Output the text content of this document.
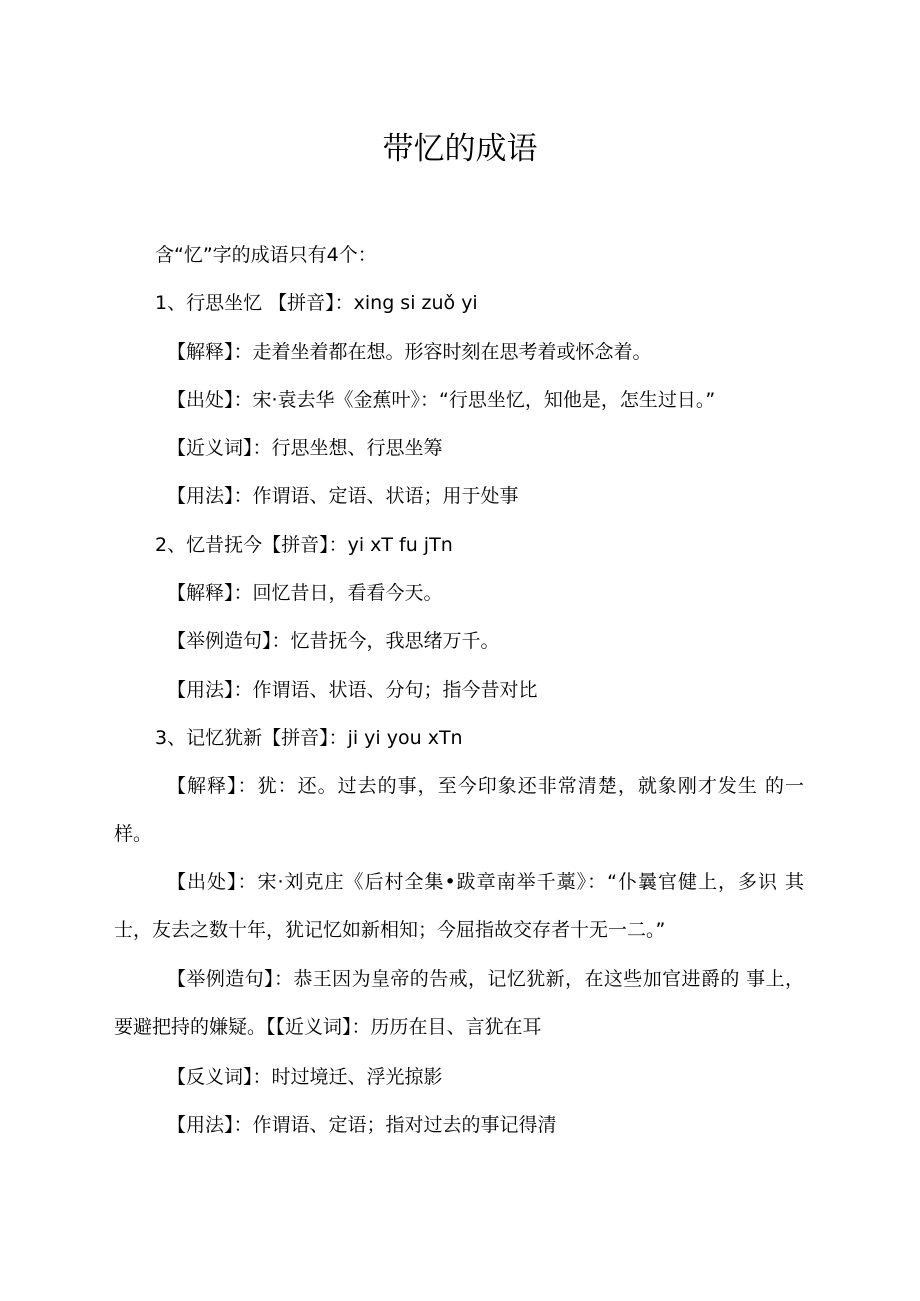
带忆的成语
含“忆”字的成语只有4个：
1、行思坐忆 【拼音】：xing si zuǒ yi
【解释】：走着坐着都在想。形容时刻在思考着或怀念着。
【出处】：宋·袁去华《金蕉叶》：“行思坐忆，知他是，怎生过日。”
【近义词】：行思坐想、行思坐筹
【用法】：作谓语、定语、状语；用于处事
2、忆昔抚今【拼音】：yi xT fu jTn
【解释】：回忆昔日，看看今天。
【举例造句】：忆昔抚今，我思绪万千。
【用法】：作谓语、状语、分句；指今昔对比
3、记忆犹新【拼音】：ji yi you xTn
【解释】：犹：还。过去的事，至今印象还非常清楚，就象刚才发生 的一样。
【出处】：宋·刘克庄《后村全集•跋章南举千藁》：“仆曩官健上，多识 其士，友去之数十年，犹记忆如新相知；今屈指故交存者十无一二。”
【举例造句】：恭王因为皇帝的告戒，记忆犹新，在这些加官进爵的 事上，要避把持的嫌疑。【【近义词】：历历在目、言犹在耳
【反义词】：时过境迁、浮光掠影
【用法】：作谓语、定语；指对过去的事记得清
